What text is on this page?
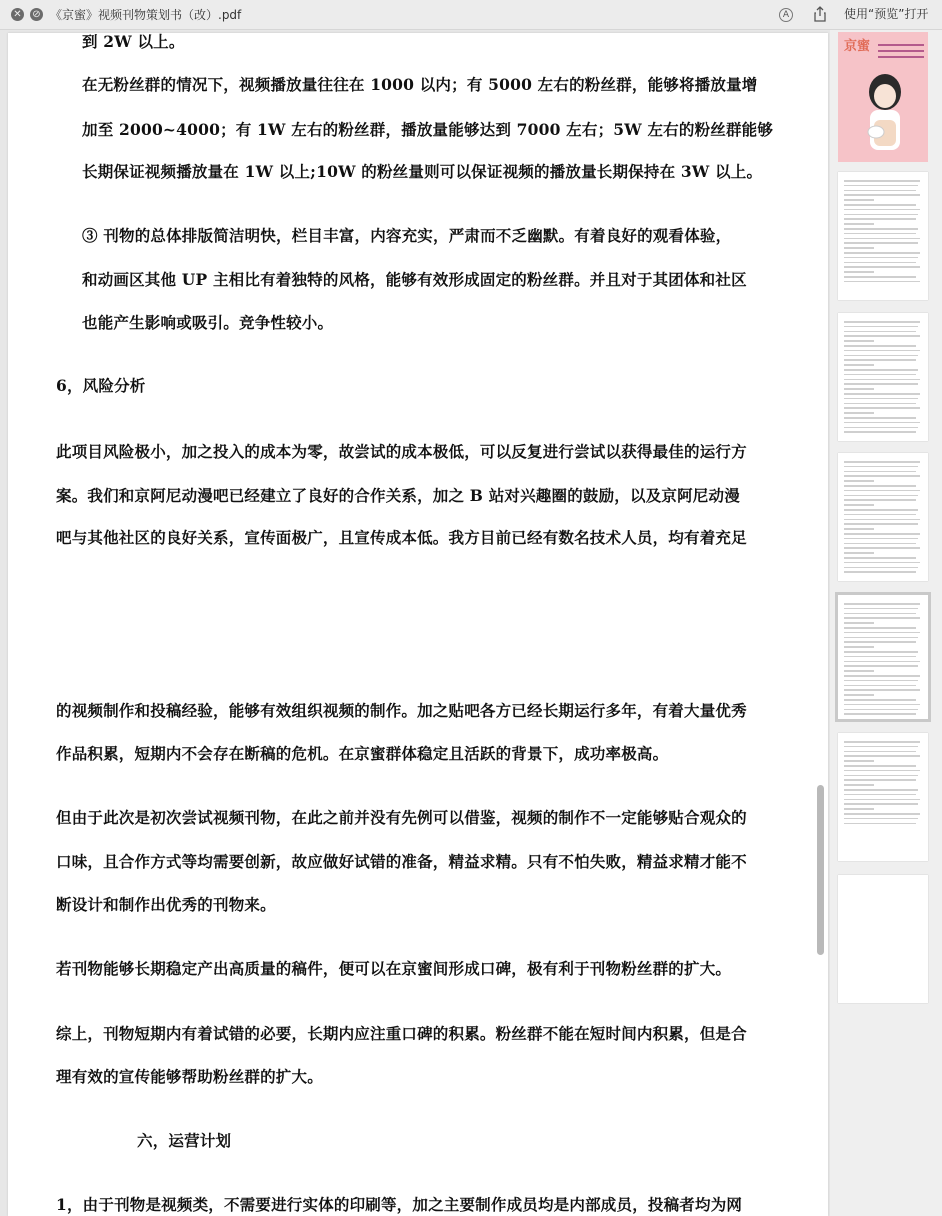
✕ ⊘ 《京蜜》视频刊物策划书（改）.pdf	A	使用“预览”打开
到 2W 以上。
在无粉丝群的情况下，视频播放量往往在 1000 以内；有 5000 左右的粉丝群，能够将播放量增
加至 2000~4000；有 1W 左右的粉丝群，播放量能够达到 7000 左右；5W 左右的粉丝群能够
长期保证视频播放量在 1W 以上;10W 的粉丝量则可以保证视频的播放量长期保持在 3W 以上。
③ 刊物的总体排版简洁明快，栏目丰富，内容充实，严肃而不乏幽默。有着良好的观看体验，
和动画区其他 UP 主相比有着独特的风格，能够有效形成固定的粉丝群。并且对于其团体和社区
也能产生影响或吸引。竞争性较小。
6，风险分析
此项目风险极小，加之投入的成本为零，故尝试的成本极低，可以反复进行尝试以获得最佳的运行方
案。我们和京阿尼动漫吧已经建立了良好的合作关系，加之 B 站对兴趣圈的鼓励，以及京阿尼动漫
吧与其他社区的良好关系，宣传面极广，且宣传成本低。我方目前已经有数名技术人员，均有着充足
的视频制作和投稿经验，能够有效组织视频的制作。加之贴吧各方已经长期运行多年，有着大量优秀
作品积累，短期内不会存在断稿的危机。在京蜜群体稳定且活跃的背景下，成功率极高。
但由于此次是初次尝试视频刊物，在此之前并没有先例可以借鉴，视频的制作不一定能够贴合观众的
口味，且合作方式等均需要创新，故应做好试错的准备，精益求精。只有不怕失败，精益求精才能不
断设计和制作出优秀的刊物来。
若刊物能够长期稳定产出高质量的稿件，便可以在京蜜间形成口碑，极有利于刊物粉丝群的扩大。
综上，刊物短期内有着试错的必要，长期内应注重口碑的积累。粉丝群不能在短时间内积累，但是合
理有效的宣传能够帮助粉丝群的扩大。
六，运营计划
1，由于刊物是视频类，不需要进行实体的印刷等，加之主要制作成员均是内部成员，投稿者均为网
京蜜
